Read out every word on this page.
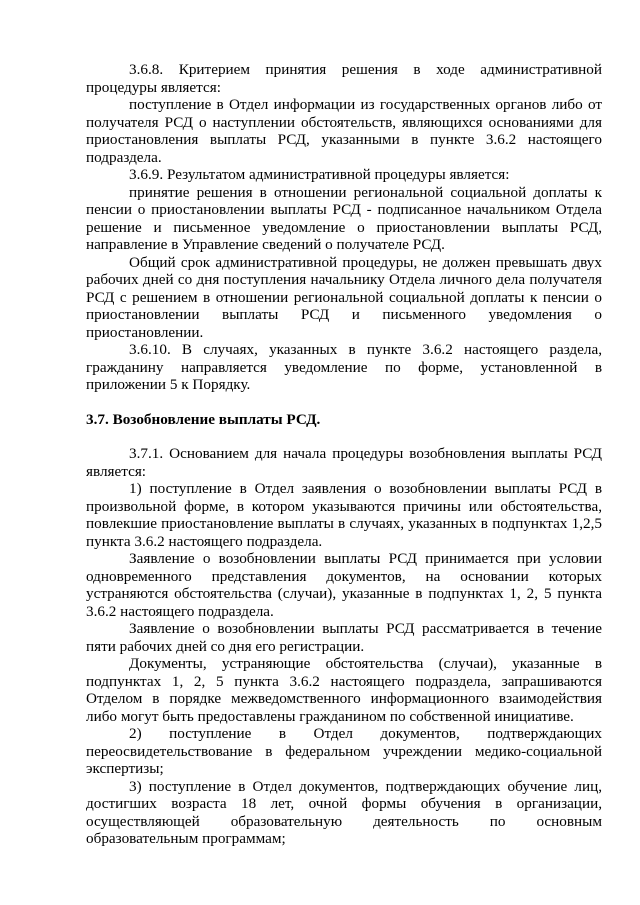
3.6.8. Критерием принятия решения в ходе административной процедуры является:

поступление в Отдел информации из государственных органов либо от получателя РСД о наступлении обстоятельств, являющихся основаниями для приостановления выплаты РСД, указанными в пункте 3.6.2 настоящего подраздела.

3.6.9. Результатом административной процедуры является:

принятие решения в отношении региональной социальной доплаты к пенсии о приостановлении выплаты РСД - подписанное начальником Отдела решение и письменное уведомление о приостановлении выплаты РСД, направление в Управление сведений о получателе РСД.

Общий срок административной процедуры, не должен превышать двух рабочих дней со дня поступления начальнику Отдела личного дела получателя РСД с решением в отношении региональной социальной доплаты к пенсии о приостановлении выплаты РСД и письменного уведомления о приостановлении.

3.6.10. В случаях, указанных в пункте 3.6.2 настоящего раздела, гражданину направляется уведомление по форме, установленной в приложении 5 к Порядку.

3.7. Возобновление выплаты РСД.

3.7.1. Основанием для начала процедуры возобновления выплаты РСД является:

1) поступление в Отдел заявления о возобновлении выплаты РСД в произвольной форме, в котором указываются причины или обстоятельства, повлекшие приостановление выплаты в случаях, указанных в подпунктах 1,2,5 пункта 3.6.2 настоящего подраздела.

Заявление о возобновлении выплаты РСД принимается при условии одновременного представления документов, на основании которых устраняются обстоятельства (случаи), указанные в подпунктах 1, 2, 5 пункта 3.6.2 настоящего подраздела.

Заявление о возобновлении выплаты РСД рассматривается в течение пяти рабочих дней со дня его регистрации.

Документы, устраняющие обстоятельства (случаи), указанные в подпунктах 1, 2, 5 пункта 3.6.2 настоящего подраздела, запрашиваются Отделом в порядке межведомственного информационного взаимодействия либо могут быть предоставлены гражданином по собственной инициативе.

2) поступление в Отдел документов, подтверждающих переосвидетельствование в федеральном учреждении медико-социальной экспертизы;

3) поступление в Отдел документов, подтверждающих обучение лиц, достигших возраста 18 лет, очной формы обучения в организации, осуществляющей образовательную деятельность по основным образовательным программам;
